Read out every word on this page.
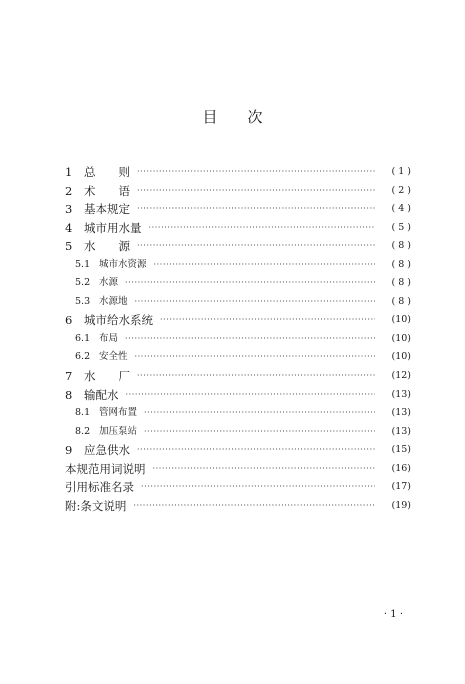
目 次
1	总　　则 ·····	( 1 )
2	术　　语 ·····	( 2 )
3	基本规定 ·····	( 4 )
4	城市用水量 ·····	( 5 )
5	水　　源 ·····	( 8 )
5.1 城市水资源 ·····	( 8 )
5.2 水源 ·····	( 8 )
5.3 水源地 ·····	( 8 )
6	城市给水系统 ·····	(10)
6.1 布局 ·····	(10)
6.2 安全性 ·····	(10)
7	水　　厂 ·····	(12)
8	输配水 ·····	(13)
8.1 管网布置 ·····	(13)
8.2 加压泵站 ·····	(13)
9	应急供水 ·····	(15)
本规范用词说明 ·····	(16)
引用标准名录 ·····	(17)
附:条文说明 ·····	(19)
· 1 ·
